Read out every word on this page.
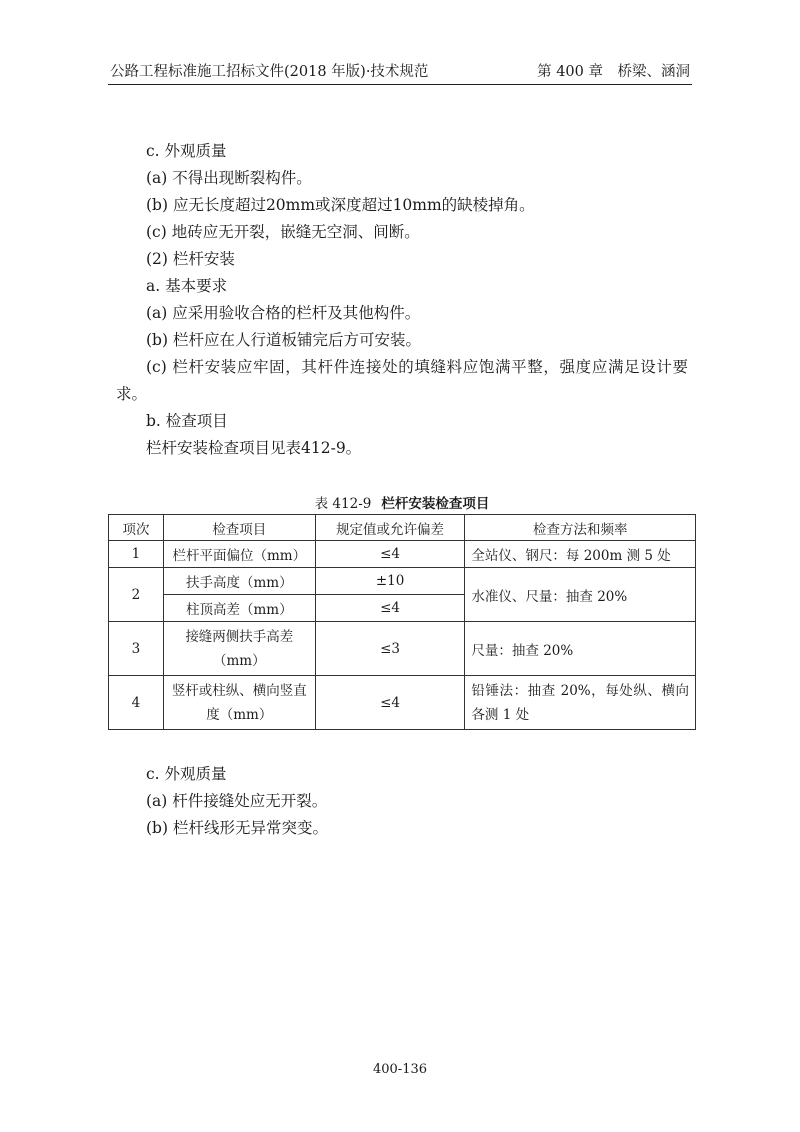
公路工程标准施工招标文件(2018 年版)·技术规范	第 400 章　桥梁、涵洞
c. 外观质量
(a) 不得出现断裂构件。
(b) 应无长度超过20mm或深度超过10mm的缺棱掉角。
(c) 地砖应无开裂，嵌缝无空洞、间断。
(2) 栏杆安装
a. 基本要求
(a) 应采用验收合格的栏杆及其他构件。
(b) 栏杆应在人行道板铺完后方可安装。
(c) 栏杆安装应牢固，其杆件连接处的填缝料应饱满平整，强度应满足设计要求。
b. 检查项目
栏杆安装检查项目见表412-9。
表 412-9 栏杆安装检查项目
项次	检查项目	规定值或允许偏差	检查方法和频率
1	栏杆平面偏位（mm）	≤4	全站仪、钢尺：每 200m 测 5 处
2	扶手高度（mm）	±10	水准仪、尺量：抽查 20%
	柱顶高差（mm）	≤4	
3	接缝两侧扶手高差（mm）	≤3	尺量：抽查 20%
4	竖杆或柱纵、横向竖直度（mm）	≤4	铅锤法：抽查 20%，每处纵、横向各测 1 处
c. 外观质量
(a) 杆件接缝处应无开裂。
(b) 栏杆线形无异常突变。
400-136
